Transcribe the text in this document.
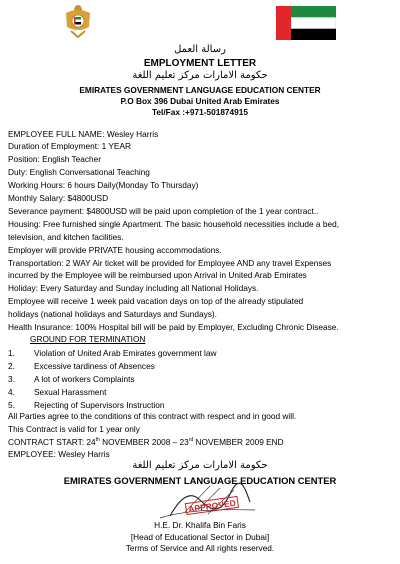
رسالة العمل
EMPLOYMENT LETTER
حكومة الامارات مركز تعليم اللغة
EMIRATES GOVERNMENT LANGUAGE EDUCATION CENTER
P.O Box 396 Dubai United Arab Emirates
Tel/Fax :+971-501874915
EMPLOYEE FULL NAME: Wesley Harris
Duration of Employment: 1 YEAR
Position: English Teacher
Duty: English Conversational Teaching
Working Hours: 6 hours Daily(Monday To Thursday)
Monthly Salary: $4800USD
Severance payment: $4800USD will be paid upon completion of the 1 year contract..
Housing: Free furnished single Apartment. The basic household necessities include a bed,
television, and kitchen facilities.
Employer will provide PRIVATE housing accommodations.
Transportation: 2 WAY Air ticket will be provided for Employee AND any travel Expenses
incurred by the Employee will be reimbursed upon Arrival in United Arab Emirates
Holiday: Every Saturday and Sunday including all National Holidays.
Employee will receive 1 week paid vacation days on top of the already stipulated
holidays (national holidays and Saturdays and Sundays).
Health Insurance: 100% Hospital bill will be paid by Employer, Excluding Chronic Disease.
GROUND FOR TERMINATION
1. Violation of United Arab Emirates government law
2. Excessive tardiness of Absences
3. A lot of workers Complaints
4. Sexual Harassment
5. Rejecting of Supervisors Instruction
All Parties agree to the conditions of this contract with respect and in good will.
This Contract is valid for 1 year only
CONTRACT START: 24th NOVEMBER 2008 – 23rd NOVEMBER 2009 END
EMPLOYEE: Wesley Harris
حكومة الامارات مركز تعليم اللغة
EMIRATES GOVERNMENT LANGUAGE EDUCATION CENTER
APPROVED
H.E. Dr. Khalifa Bin Faris
[Head of Educational Sector in Dubai]
Terms of Service and All rights reserved.
